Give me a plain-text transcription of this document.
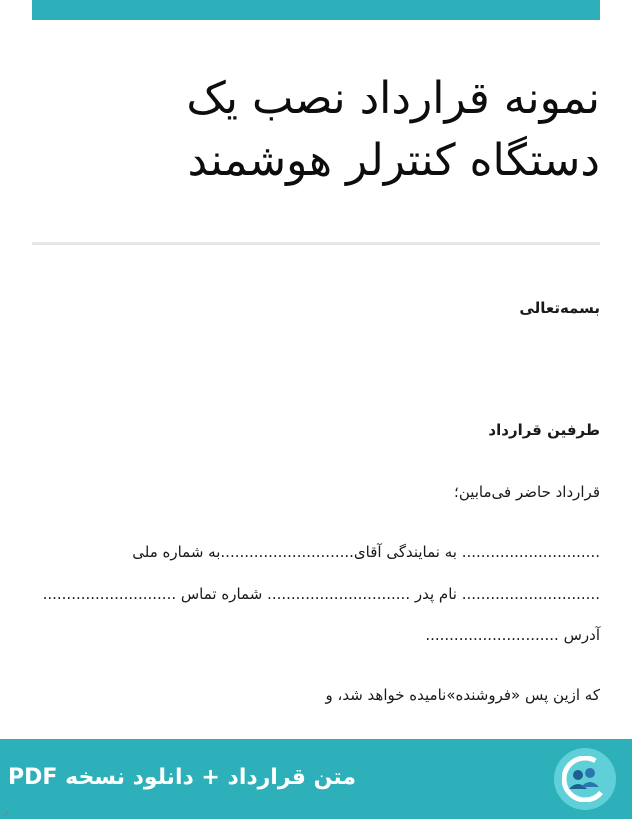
نمونه قرارداد نصب یک
دستگاه کنترلر هوشمند
بسمه‌تعالی
طرفین قرارداد
قرارداد حاضر فی‌مابین؛
............................. به نمایندگی آقای............................به شماره ملی
............................. نام پدر .............................. شماره تماس ............................
آدرس ............................
که ازین پس «فروشنده»نامیده خواهد شد، و
متن قرارداد + دانلود نسخه PDF
ر
